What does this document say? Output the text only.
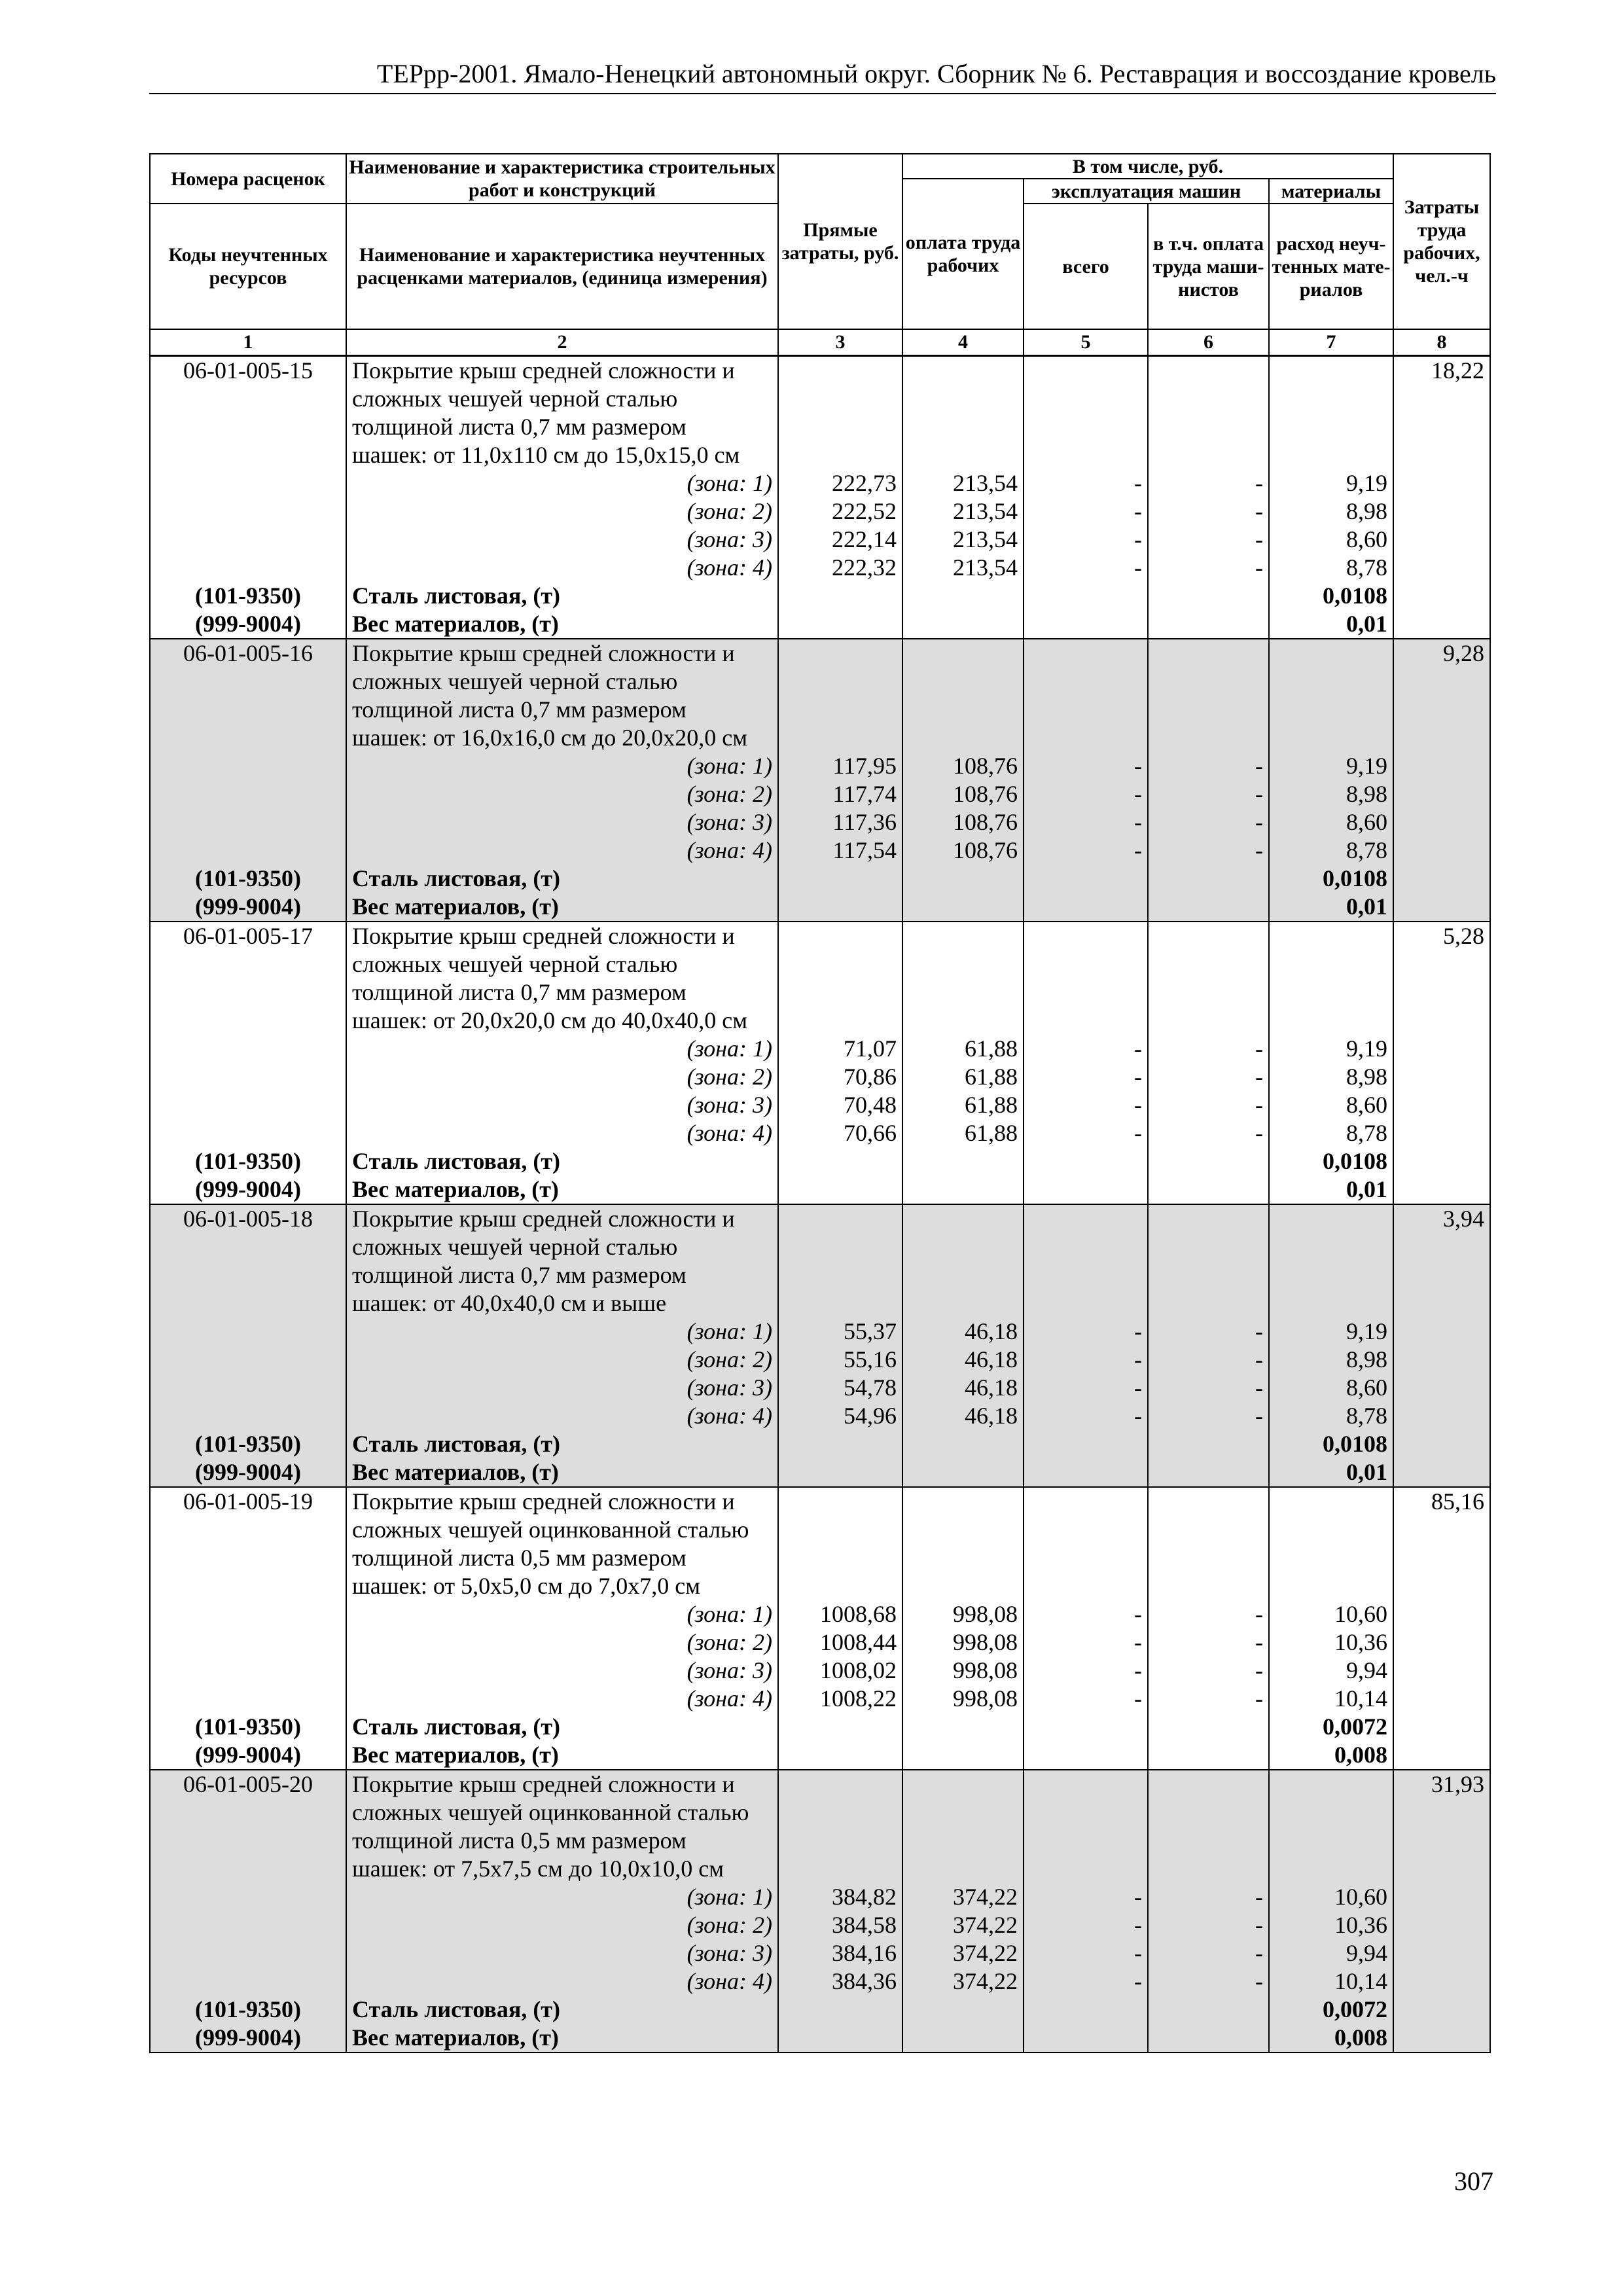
ТЕРрр-2001. Ямало-Ненецкий автономный округ. Сборник № 6. Реставрация и воссоздание кровель
Номера расценок	Наименование и характеристика строительных работ и конструкций	Прямые затраты, руб.	В том числе, руб.				Затраты труда рабочих, чел.-ч
			оплата труда рабочих	эксплуатация машин		материалы	
Коды неучтенных ресурсов	Наименование и характеристика неучтенных расценками материалов, (единица измерения)			всего	в т.ч. оплата труда маши-нистов	расход неуч-тенных мате-риалов	
1	2	3	4	5	6	7	8
06-01-005-15	Покрытие крыш средней сложности и						18,22
	сложных чешуей черной сталью						
	толщиной листа 0,7 мм размером						
	шашек: от 11,0х110 см до 15,0х15,0 см						
	(зона: 1)	222,73	213,54	-	-	9,19	
	(зона: 2)	222,52	213,54	-	-	8,98	
	(зона: 3)	222,14	213,54	-	-	8,60	
	(зона: 4)	222,32	213,54	-	-	8,78	
(101-9350)	Сталь листовая, (т)					0,0108	
(999-9004)	Вес материалов, (т)					0,01	
06-01-005-16	Покрытие крыш средней сложности и						9,28
	сложных чешуей черной сталью						
	толщиной листа 0,7 мм размером						
	шашек: от 16,0х16,0 см до 20,0х20,0 см						
	(зона: 1)	117,95	108,76	-	-	9,19	
	(зона: 2)	117,74	108,76	-	-	8,98	
	(зона: 3)	117,36	108,76	-	-	8,60	
	(зона: 4)	117,54	108,76	-	-	8,78	
(101-9350)	Сталь листовая, (т)					0,0108	
(999-9004)	Вес материалов, (т)					0,01	
06-01-005-17	Покрытие крыш средней сложности и						5,28
	сложных чешуей черной сталью						
	толщиной листа 0,7 мм размером						
	шашек: от 20,0х20,0 см до 40,0х40,0 см						
	(зона: 1)	71,07	61,88	-	-	9,19	
	(зона: 2)	70,86	61,88	-	-	8,98	
	(зона: 3)	70,48	61,88	-	-	8,60	
	(зона: 4)	70,66	61,88	-	-	8,78	
(101-9350)	Сталь листовая, (т)					0,0108	
(999-9004)	Вес материалов, (т)					0,01	
06-01-005-18	Покрытие крыш средней сложности и						3,94
	сложных чешуей черной сталью						
	толщиной листа 0,7 мм размером						
	шашек: от 40,0х40,0 см и выше						
	(зона: 1)	55,37	46,18	-	-	9,19	
	(зона: 2)	55,16	46,18	-	-	8,98	
	(зона: 3)	54,78	46,18	-	-	8,60	
	(зона: 4)	54,96	46,18	-	-	8,78	
(101-9350)	Сталь листовая, (т)					0,0108	
(999-9004)	Вес материалов, (т)					0,01	
06-01-005-19	Покрытие крыш средней сложности и						85,16
	сложных чешуей оцинкованной сталью						
	толщиной листа 0,5 мм размером						
	шашек: от 5,0х5,0 см до 7,0х7,0 см						
	(зона: 1)	1008,68	998,08	-	-	10,60	
	(зона: 2)	1008,44	998,08	-	-	10,36	
	(зона: 3)	1008,02	998,08	-	-	9,94	
	(зона: 4)	1008,22	998,08	-	-	10,14	
(101-9350)	Сталь листовая, (т)					0,0072	
(999-9004)	Вес материалов, (т)					0,008	
06-01-005-20	Покрытие крыш средней сложности и						31,93
	сложных чешуей оцинкованной сталью						
	толщиной листа 0,5 мм размером						
	шашек: от 7,5х7,5 см до 10,0х10,0 см						
	(зона: 1)	384,82	374,22	-	-	10,60	
	(зона: 2)	384,58	374,22	-	-	10,36	
	(зона: 3)	384,16	374,22	-	-	9,94	
	(зона: 4)	384,36	374,22	-	-	10,14	
(101-9350)	Сталь листовая, (т)					0,0072	
(999-9004)	Вес материалов, (т)					0,008	
307
